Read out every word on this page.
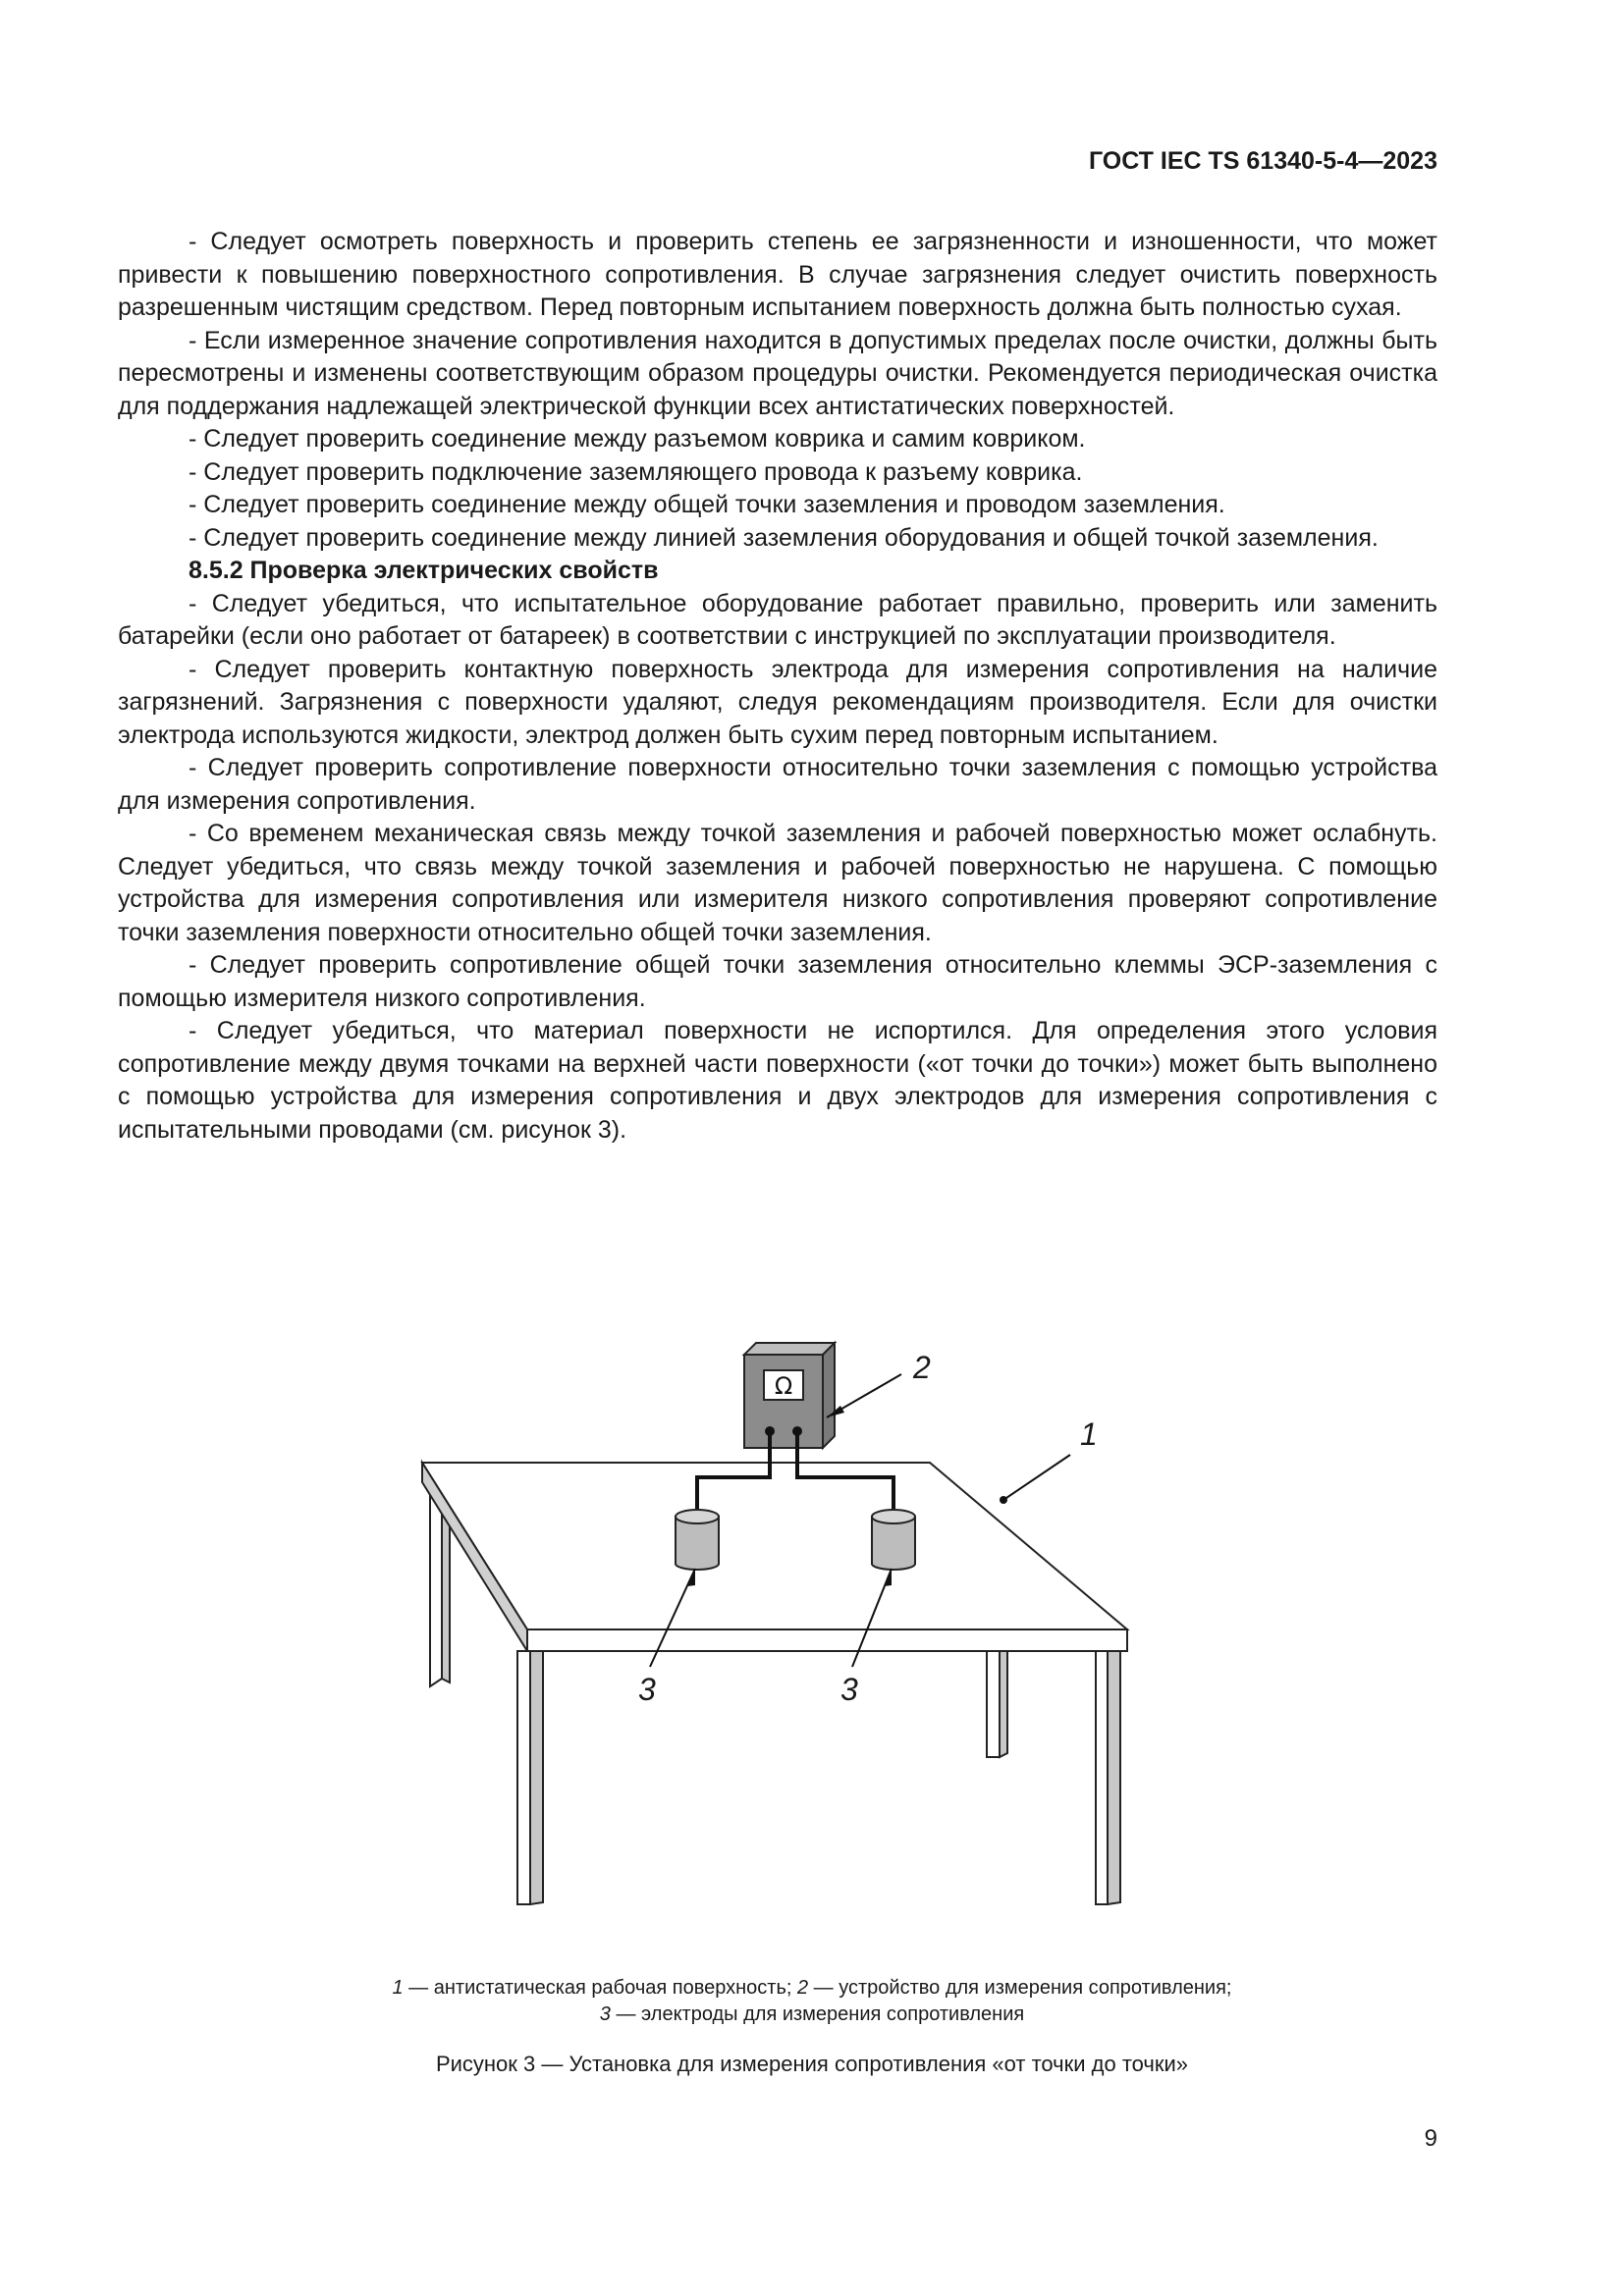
ГОСТ IEC TS 61340-5-4—2023

- Следует осмотреть поверхность и проверить степень ее загрязненности и изношенности, что может привести к повышению поверхностного сопротивления. В случае загрязнения следует очистить поверхность разрешенным чистящим средством. Перед повторным испытанием поверхность должна быть полностью сухая.

- Если измеренное значение сопротивления находится в допустимых пределах после очистки, должны быть пересмотрены и изменены соответствующим образом процедуры очистки. Рекомендуется периодическая очистка для поддержания надлежащей электрической функции всех антистатических поверхностей.

- Следует проверить соединение между разъемом коврика и самим ковриком.

- Следует проверить подключение заземляющего провода к разъему коврика.

- Следует проверить соединение между общей точки заземления и проводом заземления.

- Следует проверить соединение между линией заземления оборудования и общей точкой заземления.

8.5.2 Проверка электрических свойств

- Следует убедиться, что испытательное оборудование работает правильно, проверить или заменить батарейки (если оно работает от батареек) в соответствии с инструкцией по эксплуатации производителя.

- Следует проверить контактную поверхность электрода для измерения сопротивления на наличие загрязнений. Загрязнения с поверхности удаляют, следуя рекомендациям производителя. Если для очистки электрода используются жидкости, электрод должен быть сухим перед повторным испытанием.

- Следует проверить сопротивление поверхности относительно точки заземления с помощью устройства для измерения сопротивления.

- Со временем механическая связь между точкой заземления и рабочей поверхностью может ослабнуть. Следует убедиться, что связь между точкой заземления и рабочей поверхностью не нарушена. С помощью устройства для измерения сопротивления или измерителя низкого сопротивления проверяют сопротивление точки заземления поверхности относительно общей точки заземления.

- Следует проверить сопротивление общей точки заземления относительно клеммы ЭСР-заземления с помощью измерителя низкого сопротивления.

- Следует убедиться, что материал поверхности не испортился. Для определения этого условия сопротивление между двумя точками на верхней части поверхности («от точки до точки») может быть выполнено с помощью устройства для измерения сопротивления и двух электродов для измерения сопротивления с испытательными проводами (см. рисунок 3).

Ω
2
1
3	3
1 — антистатическая рабочая поверхность; 2 — устройство для измерения сопротивления;
3 — электроды для измерения сопротивления
Рисунок 3 — Установка для измерения сопротивления «от точки до точки»
9
